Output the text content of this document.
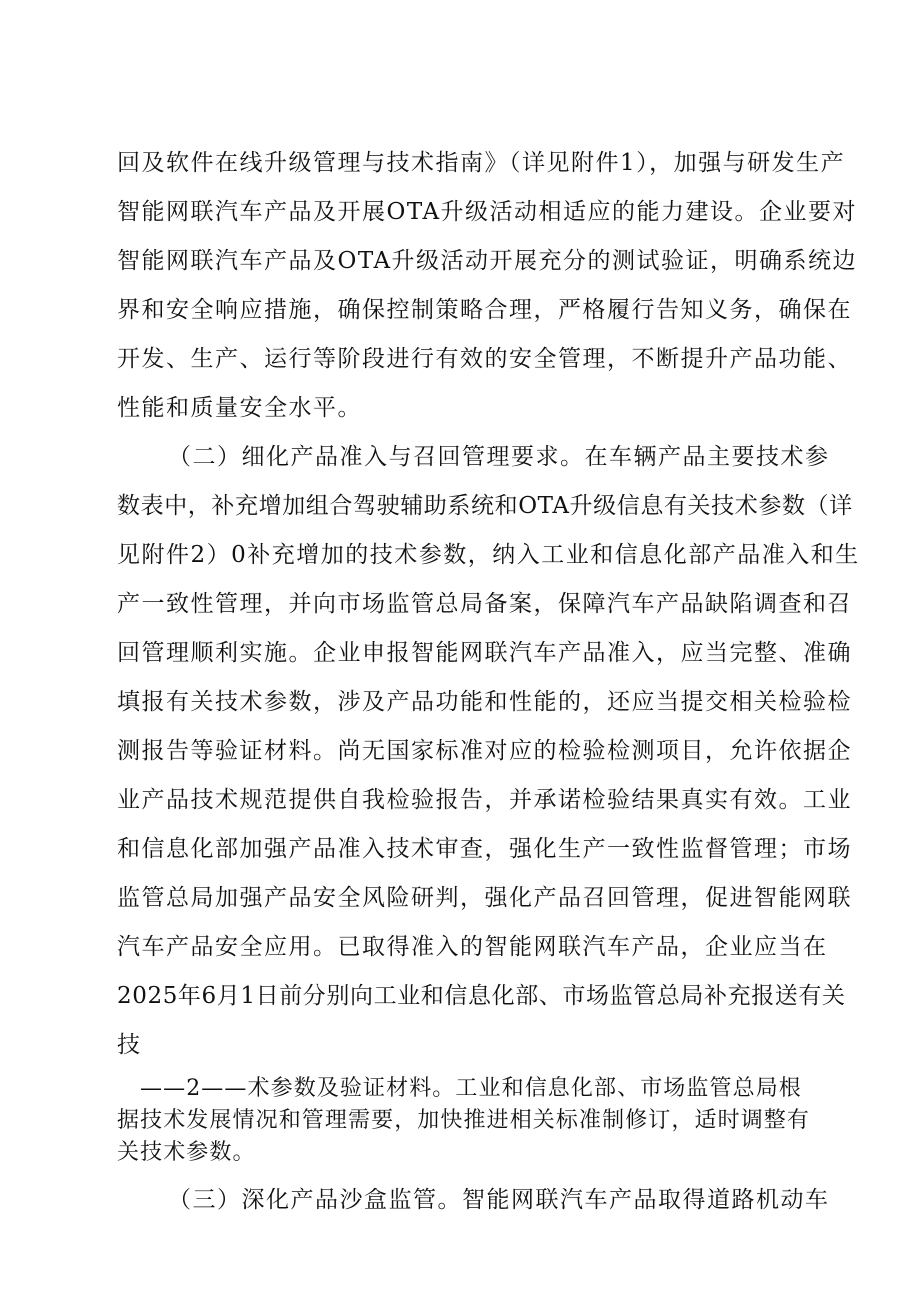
回及软件在线升级管理与技术指南》（详见附件1），加强与研发生产
智能网联汽车产品及开展OTA升级活动相适应的能力建设。企业要对
智能网联汽车产品及OTA升级活动开展充分的测试验证，明确系统边
界和安全响应措施，确保控制策略合理，严格履行告知义务，确保在
开发、生产、运行等阶段进行有效的安全管理，不断提升产品功能、
性能和质量安全水平。
（二）细化产品准入与召回管理要求。在车辆产品主要技术参
数表中，补充增加组合驾驶辅助系统和OTA升级信息有关技术参数（详
见附件2）0补充增加的技术参数，纳入工业和信息化部产品准入和生
产一致性管理，并向市场监管总局备案，保障汽车产品缺陷调查和召
回管理顺利实施。企业申报智能网联汽车产品准入，应当完整、准确
填报有关技术参数，涉及产品功能和性能的，还应当提交相关检验检
测报告等验证材料。尚无国家标准对应的检验检测项目，允许依据企
业产品技术规范提供自我检验报告，并承诺检验结果真实有效。工业
和信息化部加强产品准入技术审查，强化生产一致性监督管理；市场
监管总局加强产品安全风险研判，强化产品召回管理，促进智能网联
汽车产品安全应用。已取得准入的智能网联汽车产品，企业应当在
2025年6月1日前分别向工业和信息化部、市场监管总局补充报送有关
技
——2——术参数及验证材料。工业和信息化部、市场监管总局根
据技术发展情况和管理需要，加快推进相关标准制修订，适时调整有
关技术参数。
（三）深化产品沙盒监管。智能网联汽车产品取得道路机动车
